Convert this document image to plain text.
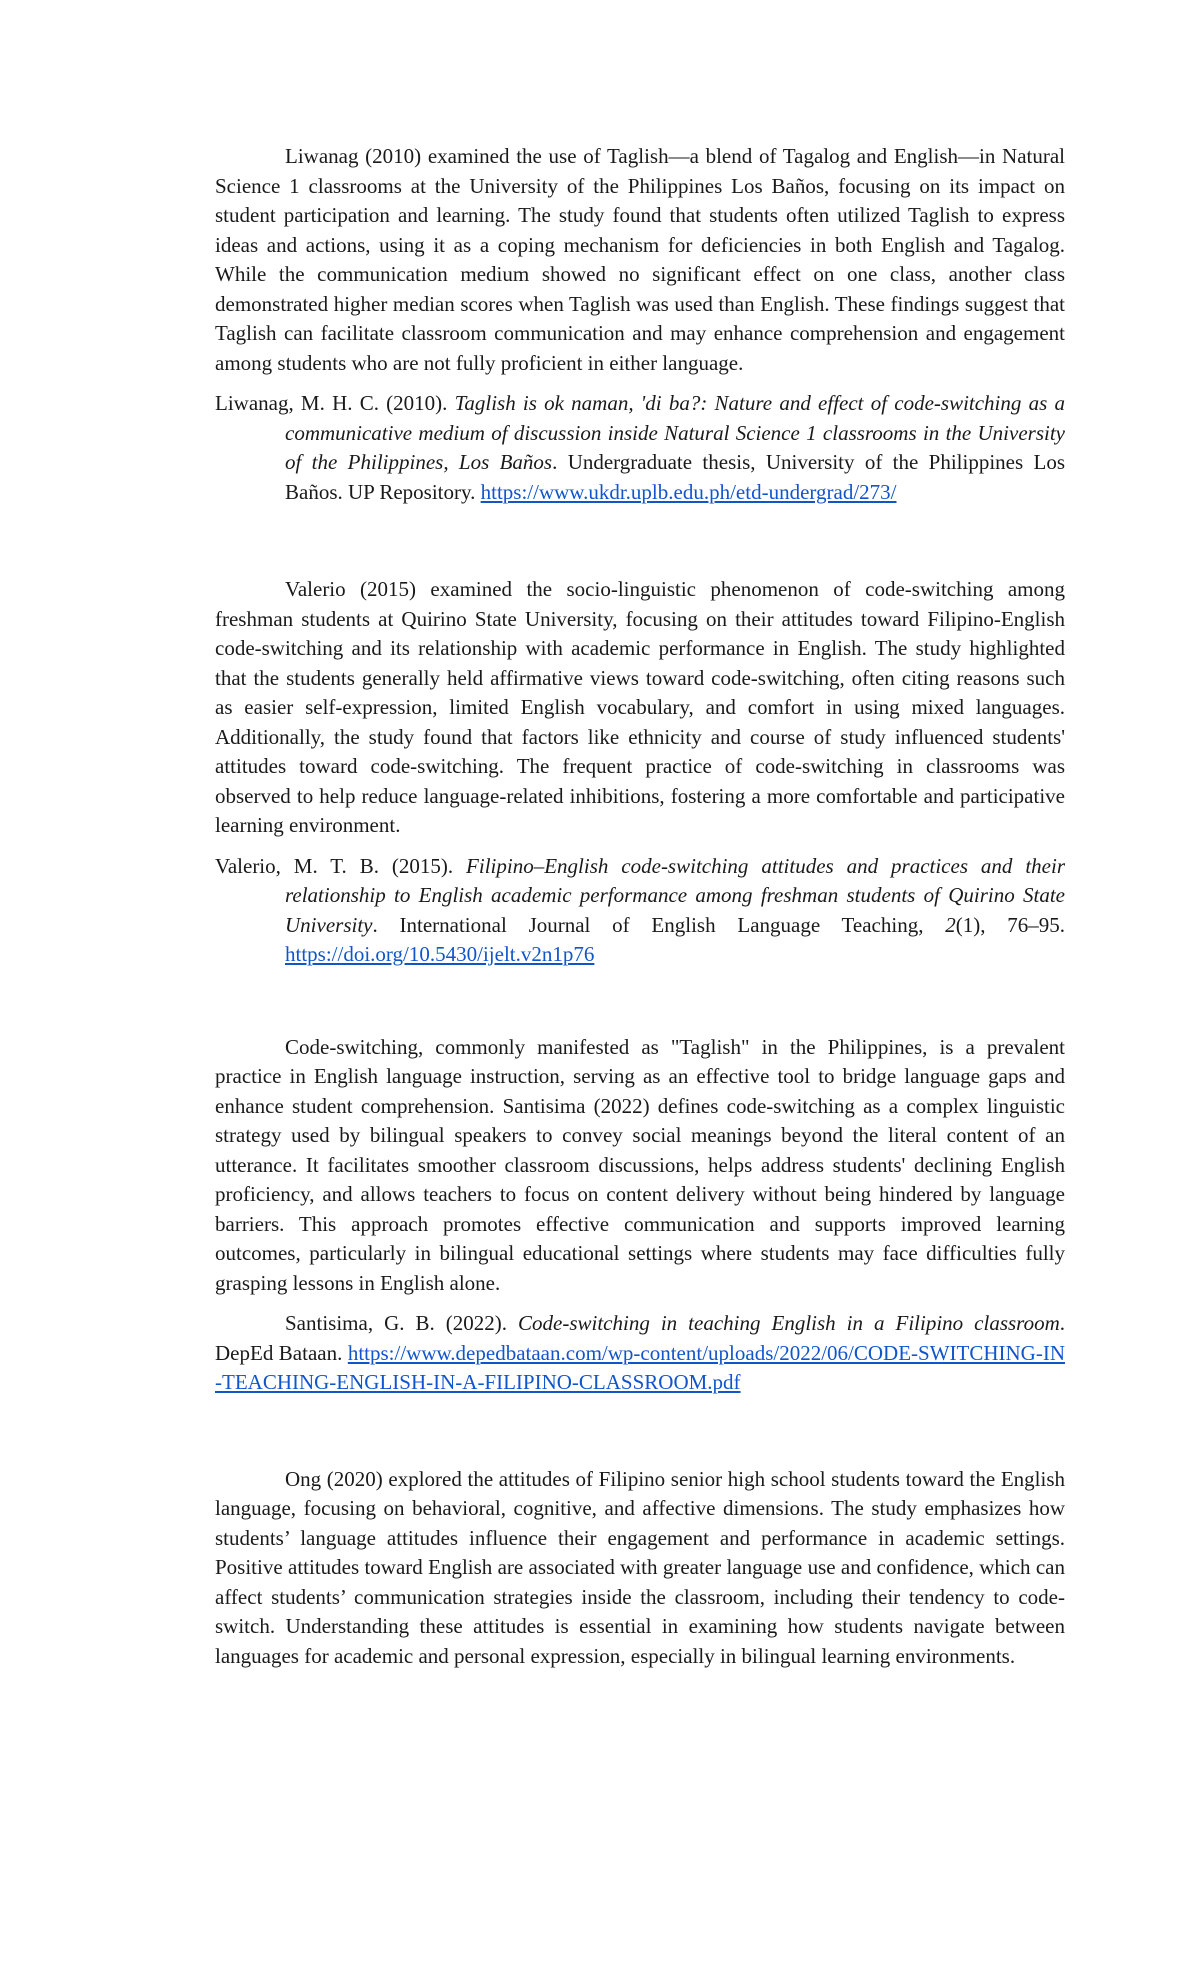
Liwanag (2010) examined the use of Taglish—a blend of Tagalog and English—in Natural Science 1 classrooms at the University of the Philippines Los Baños, focusing on its impact on student participation and learning. The study found that students often utilized Taglish to express ideas and actions, using it as a coping mechanism for deficiencies in both English and Tagalog. While the communication medium showed no significant effect on one class, another class demonstrated higher median scores when Taglish was used than English. These findings suggest that Taglish can facilitate classroom communication and may enhance comprehension and engagement among students who are not fully proficient in either language.

Liwanag, M. H. C. (2010). Taglish is ok naman, 'di ba?: Nature and effect of code-switching as a communicative medium of discussion inside Natural Science 1 classrooms in the University of the Philippines, Los Baños. Undergraduate thesis, University of the Philippines Los Baños. UP Repository. https://www.ukdr.uplb.edu.ph/etd-undergrad/273/

Valerio (2015) examined the socio-linguistic phenomenon of code-switching among freshman students at Quirino State University, focusing on their attitudes toward Filipino-English code-switching and its relationship with academic performance in English. The study highlighted that the students generally held affirmative views toward code-switching, often citing reasons such as easier self-expression, limited English vocabulary, and comfort in using mixed languages. Additionally, the study found that factors like ethnicity and course of study influenced students' attitudes toward code-switching. The frequent practice of code-switching in classrooms was observed to help reduce language-related inhibitions, fostering a more comfortable and participative learning environment.

Valerio, M. T. B. (2015). Filipino–English code-switching attitudes and practices and their relationship to English academic performance among freshman students of Quirino State University. International Journal of English Language Teaching, 2(1), 76–95. https://doi.org/10.5430/ijelt.v2n1p76

Code-switching, commonly manifested as "Taglish" in the Philippines, is a prevalent practice in English language instruction, serving as an effective tool to bridge language gaps and enhance student comprehension. Santisima (2022) defines code-switching as a complex linguistic strategy used by bilingual speakers to convey social meanings beyond the literal content of an utterance. It facilitates smoother classroom discussions, helps address students' declining English proficiency, and allows teachers to focus on content delivery without being hindered by language barriers. This approach promotes effective communication and supports improved learning outcomes, particularly in bilingual educational settings where students may face difficulties fully grasping lessons in English alone.

Santisima, G. B. (2022). Code-switching in teaching English in a Filipino classroom. DepEd Bataan. https://www.depedbataan.com/wp-content/uploads/2022/06/CODE-SWITCHING-IN-TEACHING-ENGLISH-IN-A-FILIPINO-CLASSROOM.pdf

Ong (2020) explored the attitudes of Filipino senior high school students toward the English language, focusing on behavioral, cognitive, and affective dimensions. The study emphasizes how students’ language attitudes influence their engagement and performance in academic settings. Positive attitudes toward English are associated with greater language use and confidence, which can affect students’ communication strategies inside the classroom, including their tendency to code-switch. Understanding these attitudes is essential in examining how students navigate between languages for academic and personal expression, especially in bilingual learning environments.
